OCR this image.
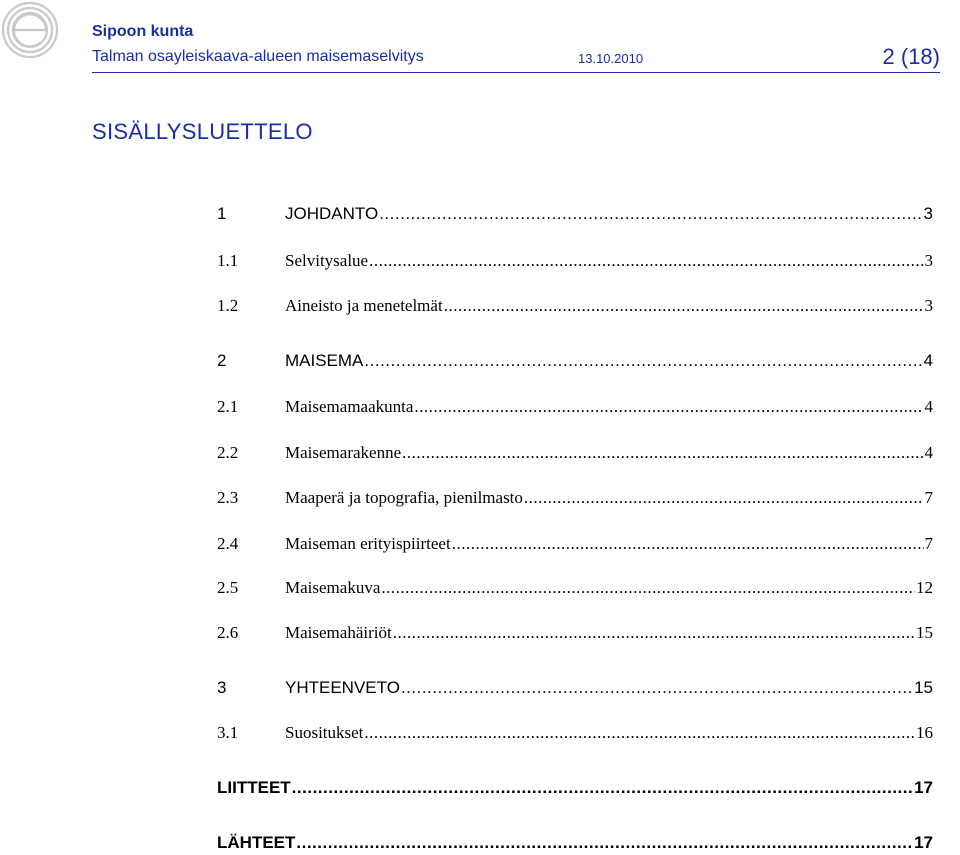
Sipoon kunta
Talman osayleiskaava-alueen maisemaselvitys	13.10.2010	2 (18)
SISÄLLYSLUETTELO
1	JOHDANTO .....	3
1.1	Selvitysalue .....	3
1.2	Aineisto ja menetelmät .....	3
2	MAISEMA .....	4
2.1	Maisemamaakunta .....	4
2.2	Maisemarakenne .....	4
2.3	Maaperä ja topografia, pienilmasto .....	7
2.4	Maiseman erityispiirteet .....	7
2.5	Maisemakuva .....	12
2.6	Maisemahäiriöt .....	15
3	YHTEENVETO .....	15
3.1	Suositukset .....	16
LIITTEET .....	17
LÄHTEET .....	17
